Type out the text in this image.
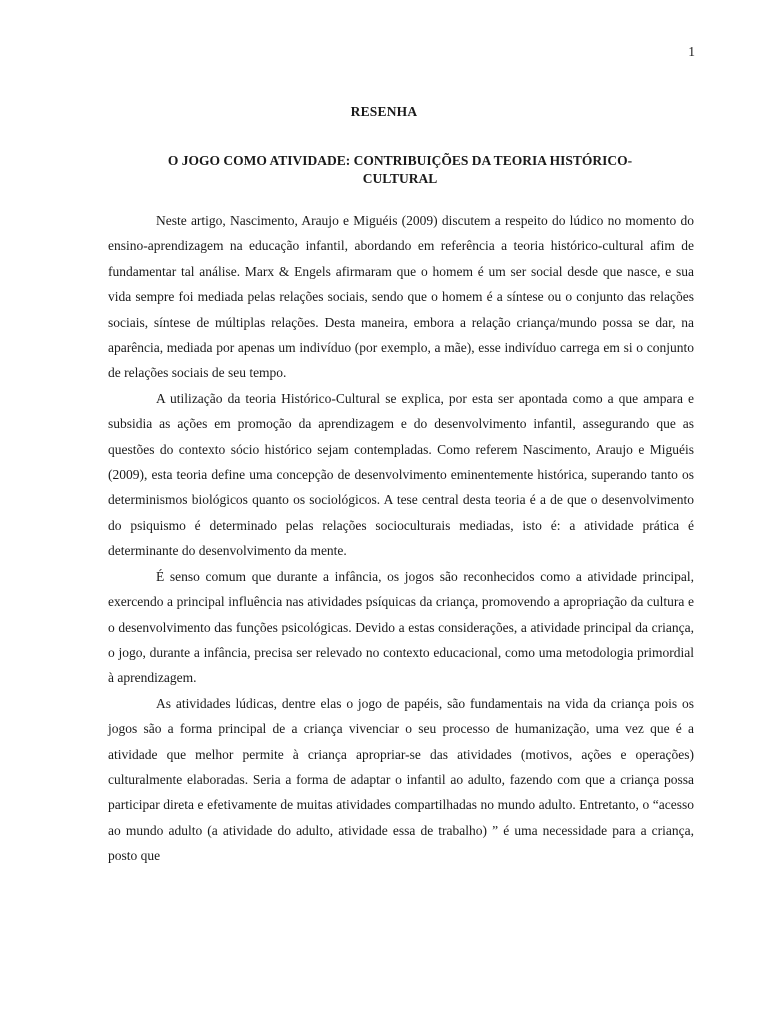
1
RESENHA
O JOGO COMO ATIVIDADE: CONTRIBUIÇÕES DA TEORIA HISTÓRICO-CULTURAL

Neste artigo, Nascimento, Araujo e Miguéis (2009) discutem a respeito do lúdico no momento do ensino-aprendizagem na educação infantil, abordando em referência a teoria histórico-cultural afim de fundamentar tal análise. Marx & Engels afirmaram que o homem é um ser social desde que nasce, e sua vida sempre foi mediada pelas relações sociais, sendo que o homem é a síntese ou o conjunto das relações sociais, síntese de múltiplas relações. Desta maneira, embora a relação criança/mundo possa se dar, na aparência, mediada por apenas um indivíduo (por exemplo, a mãe), esse indivíduo carrega em si o conjunto de relações sociais de seu tempo.

A utilização da teoria Histórico-Cultural se explica, por esta ser apontada como a que ampara e subsidia as ações em promoção da aprendizagem e do desenvolvimento infantil, assegurando que as questões do contexto sócio histórico sejam contempladas. Como referem Nascimento, Araujo e Miguéis (2009), esta teoria define uma concepção de desenvolvimento eminentemente histórica, superando tanto os determinismos biológicos quanto os sociológicos. A tese central desta teoria é a de que o desenvolvimento do psiquismo é determinado pelas relações socioculturais mediadas, isto é: a atividade prática é determinante do desenvolvimento da mente.

É senso comum que durante a infância, os jogos são reconhecidos como a atividade principal, exercendo a principal influência nas atividades psíquicas da criança, promovendo a apropriação da cultura e o desenvolvimento das funções psicológicas. Devido a estas considerações, a atividade principal da criança, o jogo, durante a infância, precisa ser relevado no contexto educacional, como uma metodologia primordial à aprendizagem.

As atividades lúdicas, dentre elas o jogo de papéis, são fundamentais na vida da criança pois os jogos são a forma principal de a criança vivenciar o seu processo de humanização, uma vez que é a atividade que melhor permite à criança apropriar-se das atividades (motivos, ações e operações) culturalmente elaboradas. Seria a forma de adaptar o infantil ao adulto, fazendo com que a criança possa participar direta e efetivamente de muitas atividades compartilhadas no mundo adulto. Entretanto, o “acesso ao mundo adulto (a atividade do adulto, atividade essa de trabalho) ” é uma necessidade para a criança, posto que
